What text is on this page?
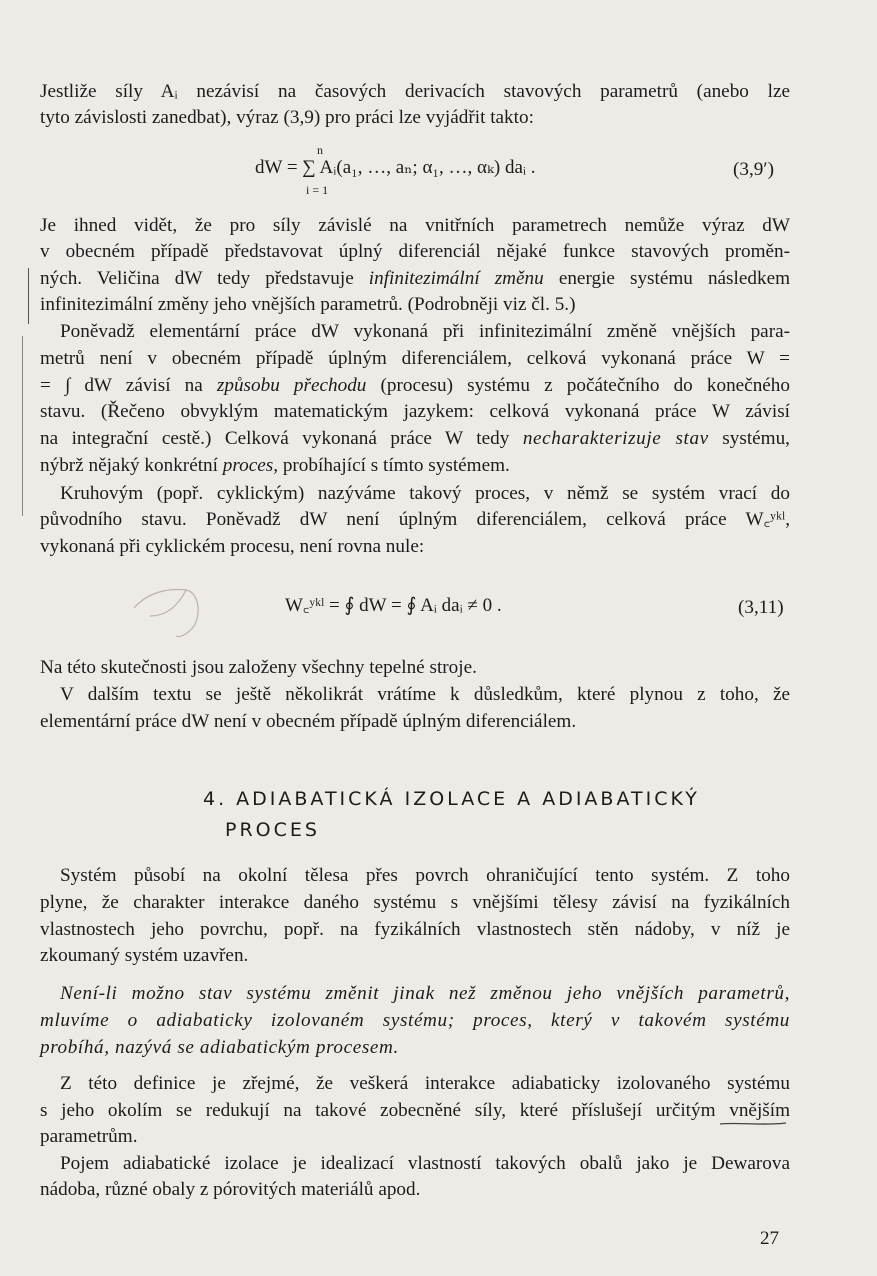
Jestliže síly Aᵢ nezávisí na časových derivacích stavových parametrů (anebo lze
tyto závislosti zanedbat), výraz (3,9) pro práci lze vyjádřit takto:
dW = ∑ Aᵢ(a₁, …, aₙ; α₁, …, αₖ) daᵢ .
n
i = 1
(3,9′)
Je ihned vidět, že pro síly závislé na vnitřních parametrech nemůže výraz dW
v obecném případě představovat úplný diferenciál nějaké funkce stavových proměn-
ných. Veličina dW tedy představuje infinitezimální změnu energie systému následkem
infinitezimální změny jeho vnějších parametrů. (Podrobněji viz čl. 5.)
Poněvadž elementární práce dW vykonaná při infinitezimální změně vnějších para-
metrů není v obecném případě úplným diferenciálem, celková vykonaná práce W =
= ∫ dW závisí na způsobu přechodu (procesu) systému z počátečního do konečného
stavu. (Řečeno obvyklým matematickým jazykem: celková vykonaná práce W závisí
na integrační cestě.) Celková vykonaná práce W tedy necharakterizuje stav systému,
nýbrž nějaký konkrétní proces, probíhající s tímto systémem.
Kruhovým (popř. cyklickým) nazýváme takový proces, v němž se systém vrací do
původního stavu. Poněvadž dW není úplným diferenciálem, celková práce W꜀ʸᵏˡ,
vykonaná při cyklickém procesu, není rovna nule:
W꜀ʸᵏˡ = ∮ dW = ∮ Aᵢ daᵢ ≠ 0 .	(3,11)
Na této skutečnosti jsou založeny všechny tepelné stroje.
V dalším textu se ještě několikrát vrátíme k důsledkům, které plynou z toho, že
elementární práce dW není v obecném případě úplným diferenciálem.
4. ADIABATICKÁ IZOLACE A ADIABATICKÝ
PROCES
Systém působí na okolní tělesa přes povrch ohraničující tento systém. Z toho
plyne, že charakter interakce daného systému s vnějšími tělesy závisí na fyzikálních
vlastnostech jeho povrchu, popř. na fyzikálních vlastnostech stěn nádoby, v níž je
zkoumaný systém uzavřen.
Není-li možno stav systému změnit jinak než změnou jeho vnějších parametrů,
mluvíme o adiabaticky izolovaném systému; proces, který v takovém systému
probíhá, nazývá se adiabatickým procesem.
Z této definice je zřejmé, že veškerá interakce adiabaticky izolovaného systému
s jeho okolím se redukují na takové zobecněné síly, které příslušejí určitým vnějším
parametrům.
Pojem adiabatické izolace je idealizací vlastností takových obalů jako je Dewarova
nádoba, různé obaly z pórovitých materiálů apod.
27
